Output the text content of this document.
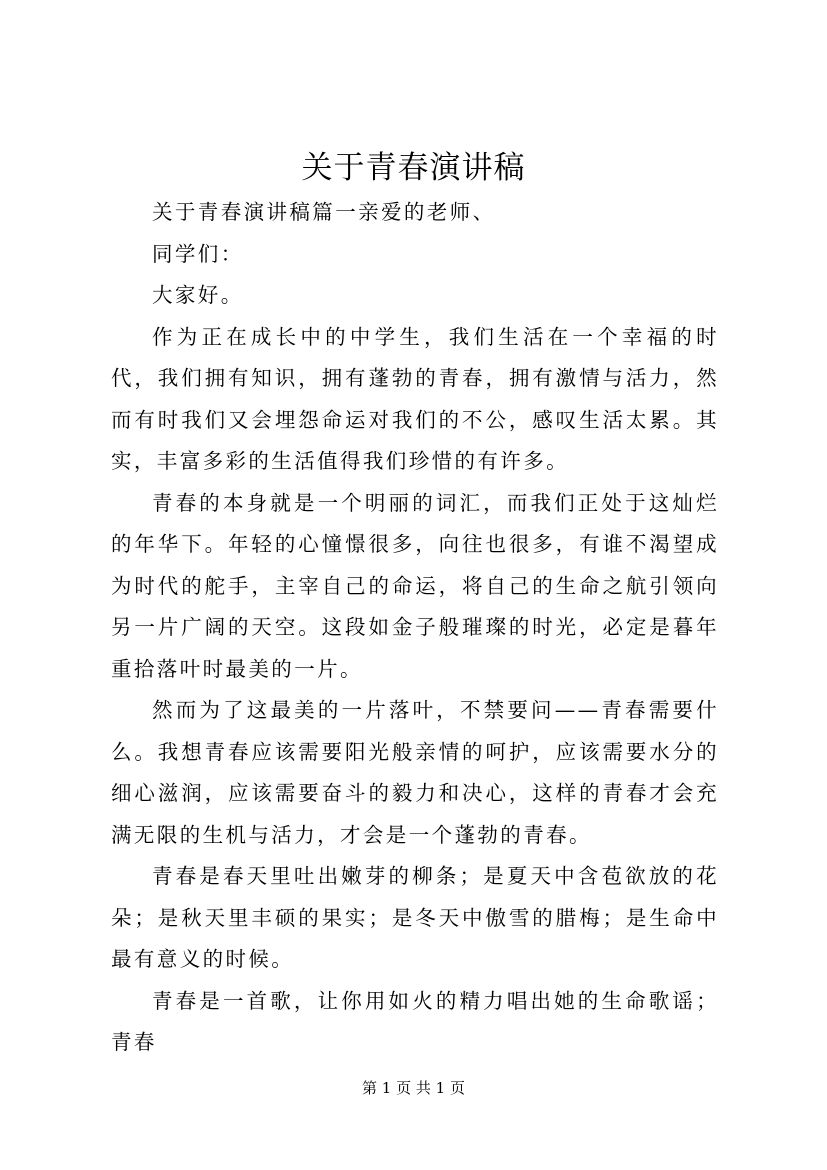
关于青春演讲稿

关于青春演讲稿篇一亲爱的老师、

同学们：

大家好。

作为正在成长中的中学生，我们生活在一个幸福的时代，我们拥有知识，拥有蓬勃的青春，拥有激情与活力，然而有时我们又会埋怨命运对我们的不公，感叹生活太累。其实，丰富多彩的生活值得我们珍惜的有许多。

青春的本身就是一个明丽的词汇，而我们正处于这灿烂的年华下。年轻的心憧憬很多，向往也很多，有谁不渴望成为时代的舵手，主宰自己的命运，将自己的生命之航引领向另一片广阔的天空。这段如金子般璀璨的时光，必定是暮年重拾落叶时最美的一片。

然而为了这最美的一片落叶，不禁要问——青春需要什么。我想青春应该需要阳光般亲情的呵护，应该需要水分的细心滋润，应该需要奋斗的毅力和决心，这样的青春才会充满无限的生机与活力，才会是一个蓬勃的青春。

青春是春天里吐出嫩芽的柳条；是夏天中含苞欲放的花朵；是秋天里丰硕的果实；是冬天中傲雪的腊梅；是生命中最有意义的时候。

青春是一首歌，让你用如火的精力唱出她的生命歌谣；青春

第 1 页 共 1 页
